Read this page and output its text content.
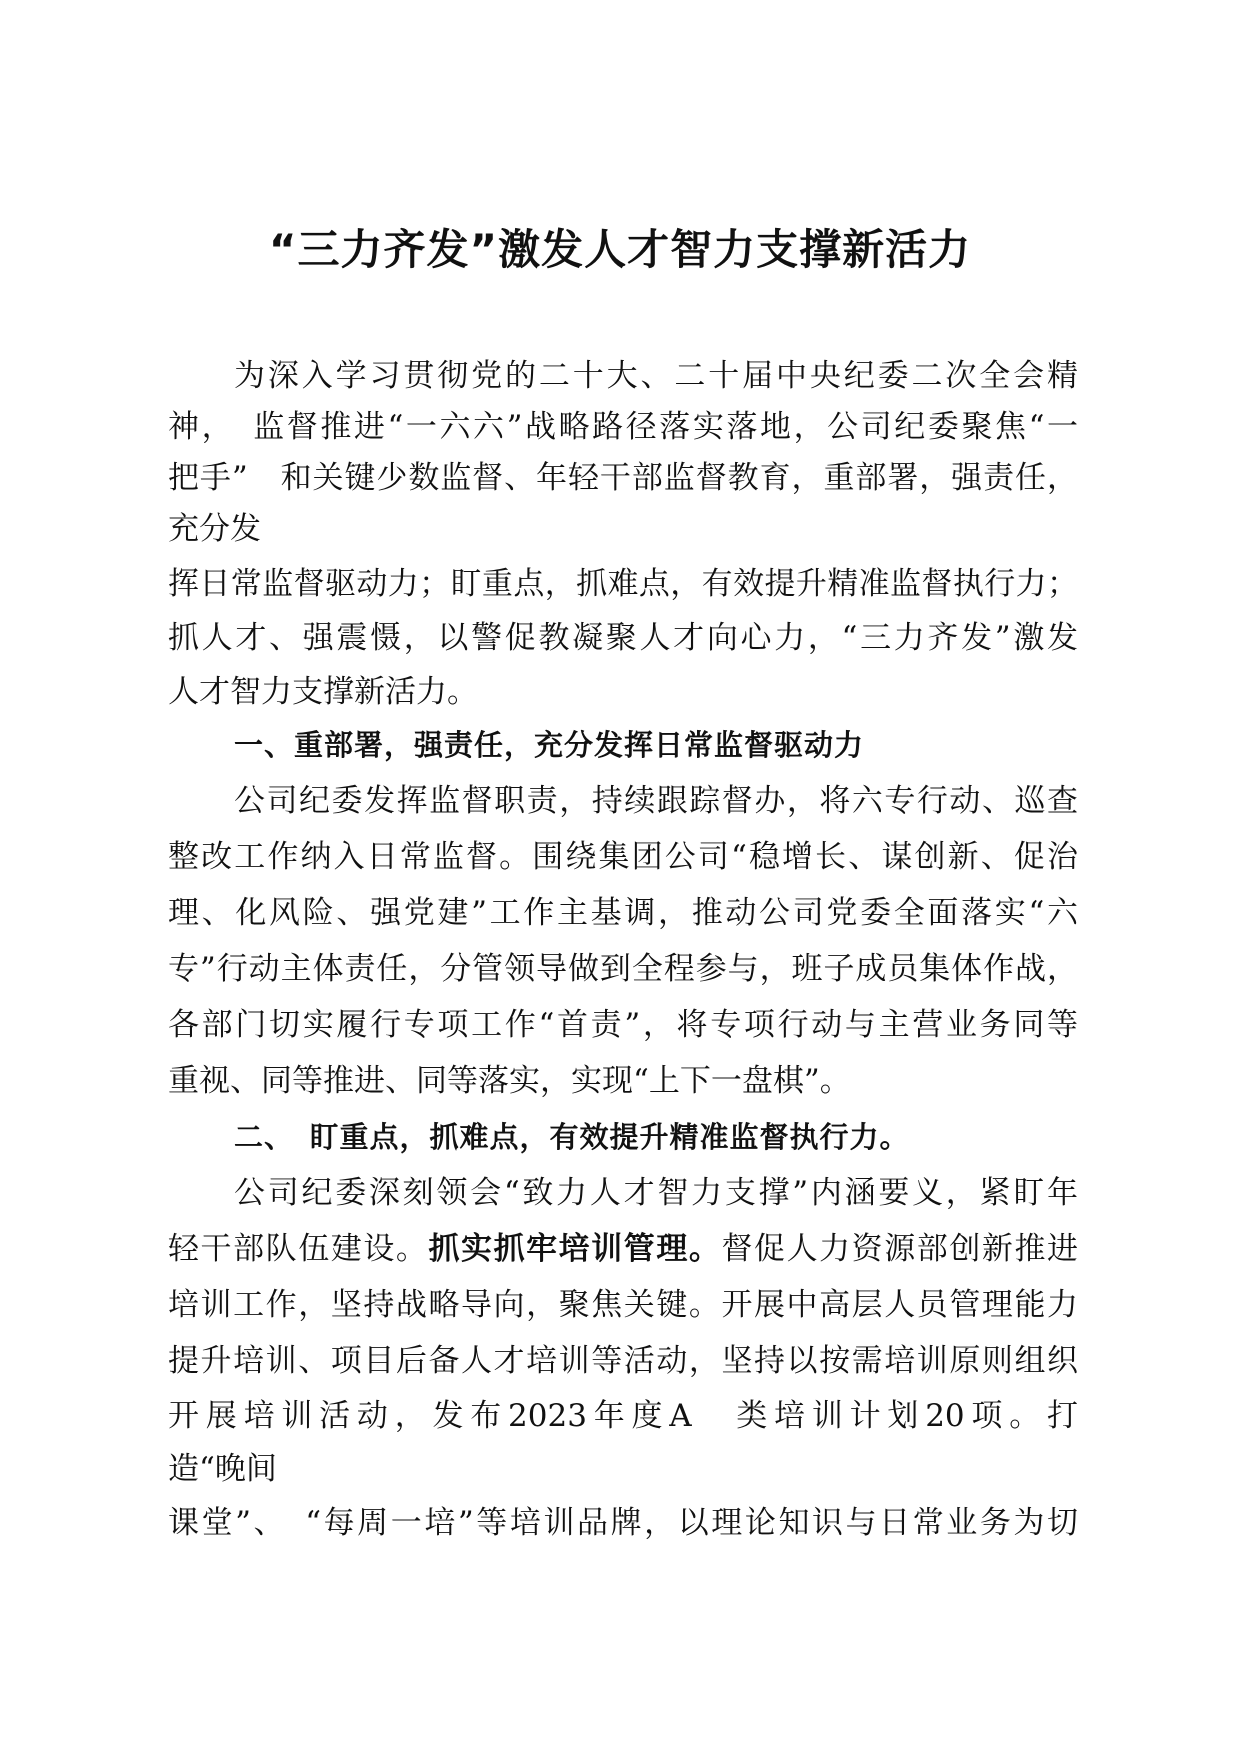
“三力齐发”激发人才智力支撑新活力
为深入学习贯彻党的二十大、二十届中央纪委二次全会精
神，　监督推进“一六六”战略路径落实落地，公司纪委聚焦“一
把手”　和关键少数监督、年轻干部监督教育，重部署，强责任，
充分发
挥日常监督驱动力；盯重点，抓难点，有效提升精准监督执行力；
抓人才、强震慑，以警促教凝聚人才向心力，“三力齐发”激发
人才智力支撑新活力。
一、重部署，强责任，充分发挥日常监督驱动力
公司纪委发挥监督职责，持续跟踪督办，将六专行动、巡查
整改工作纳入日常监督。围绕集团公司“稳增长、谋创新、促治
理、化风险、强党建”工作主基调，推动公司党委全面落实“六
专”行动主体责任，分管领导做到全程参与，班子成员集体作战，
各部门切实履行专项工作“首责”，将专项行动与主营业务同等
重视、同等推进、同等落实，实现“上下一盘棋”。
二、　盯重点，抓难点，有效提升精准监督执行力。
公司纪委深刻领会“致力人才智力支撑”内涵要义，紧盯年
轻干部队伍建设。抓实抓牢培训管理。督促人力资源部创新推进
培训工作，坚持战略导向，聚焦关键。开展中高层人员管理能力
提升培训、项目后备人才培训等活动，坚持以按需培训原则组织
开展培训活动，发布2023年度A　类培训计划20项。打
造“晚间
课堂”、　“每周一培”等培训品牌，以理论知识与日常业务为切
